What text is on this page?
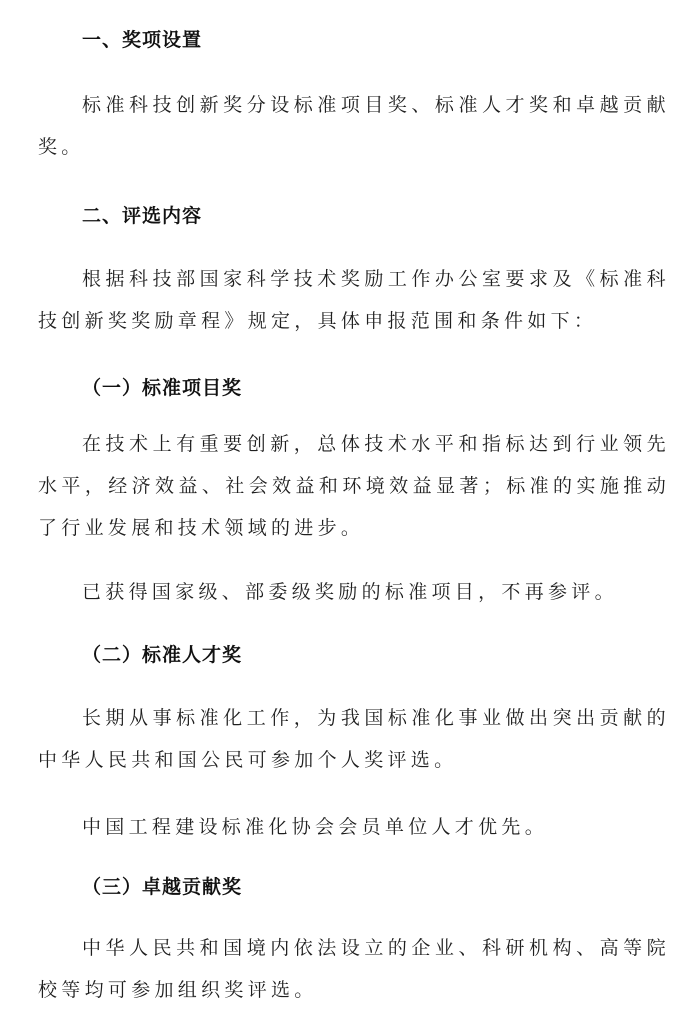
一、奖项设置

标准科技创新奖分设标准项目奖、标准人才奖和卓越贡献奖。

二、评选内容

根据科技部国家科学技术奖励工作办公室要求及《标准科技创新奖奖励章程》规定，具体申报范围和条件如下：

（一）标准项目奖

在技术上有重要创新，总体技术水平和指标达到行业领先水平，经济效益、社会效益和环境效益显著；标准的实施推动了行业发展和技术领域的进步。

已获得国家级、部委级奖励的标准项目，不再参评。

（二）标准人才奖

长期从事标准化工作，为我国标准化事业做出突出贡献的中华人民共和国公民可参加个人奖评选。

中国工程建设标准化协会会员单位人才优先。

（三）卓越贡献奖

中华人民共和国境内依法设立的企业、科研机构、高等院校等均可参加组织奖评选。
